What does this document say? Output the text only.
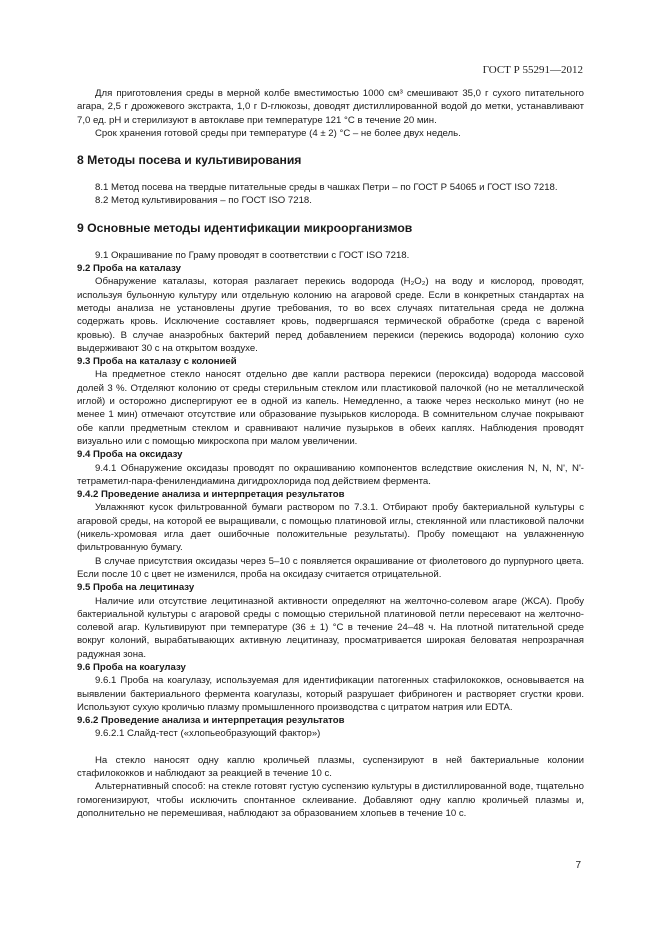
ГОСТ Р 55291—2012

Для приготовления среды в мерной колбе вместимостью 1000 см³ смешивают 35,0 г сухого питательного агара, 2,5 г дрожжевого экстракта, 1,0 г D-глюкозы, доводят дистиллированной водой до метки, устанавливают 7,0 ед. pH и стерилизуют в автоклаве при температуре 121 °С в течение 20 мин.

Срок хранения готовой среды при температуре (4 ± 2) °С – не более двух недель.

8 Методы посева и культивирования

8.1 Метод посева на твердые питательные среды в чашках Петри – по ГОСТ Р 54065 и ГОСТ ISO 7218.

8.2 Метод культивирования – по ГОСТ ISO 7218.

9 Основные методы идентификации микроорганизмов

9.1 Окрашивание по Граму проводят в соответствии с ГОСТ ISO 7218.

9.2 Проба на каталазу

Обнаружение каталазы, которая разлагает перекись водорода (H₂O₂) на воду и кислород, проводят, используя бульонную культуру или отдельную колонию на агаровой среде. Если в конкретных стандартах на методы анализа не установлены другие требования, то во всех случаях питательная среда не должна содержать кровь. Исключение составляет кровь, подвергшаяся термической обработке (среда с вареной кровью). В случае анаэробных бактерий перед добавлением перекиси (перекись водорода) колонию сухо выдерживают 30 с на открытом воздухе.

9.3 Проба на каталазу с колонией

На предметное стекло наносят отдельно две капли раствора перекиси (пероксида) водорода массовой долей 3 %. Отделяют колонию от среды стерильным стеклом или пластиковой палочкой (но не металлической иглой) и осторожно диспергируют ее в одной из капель. Немедленно, а также через несколько минут (но не менее 1 мин) отмечают отсутствие или образование пузырьков кислорода. В сомнительном случае покрывают обе капли предметным стеклом и сравнивают наличие пузырьков в обеих каплях. Наблюдения проводят визуально или с помощью микроскопа при малом увеличении.

9.4 Проба на оксидазу

9.4.1 Обнаружение оксидазы проводят по окрашиванию компонентов вследствие окисления N, N, N', N'-тетраметил-пара-фенилендиамина дигидрохлорида под действием фермента.

9.4.2 Проведение анализа и интерпретация результатов

Увлажняют кусок фильтрованной бумаги раствором по 7.3.1. Отбирают пробу бактериальной культуры с агаровой среды, на которой ее выращивали, с помощью платиновой иглы, стеклянной или пластиковой палочки (никель-хромовая игла дает ошибочные положительные результаты). Пробу помещают на увлажненную фильтрованную бумагу.

В случае присутствия оксидазы через 5–10 с появляется окрашивание от фиолетового до пурпурного цвета. Если после 10 с цвет не изменился, проба на оксидазу считается отрицательной.

9.5 Проба на лецитиназу

Наличие или отсутствие лецитиназной активности определяют на желточно-солевом агаре (ЖСА). Пробу бактериальной культуры с агаровой среды с помощью стерильной платиновой петли пересевают на желточно-солевой агар. Культивируют при температуре (36 ± 1) °С в течение 24–48 ч. На плотной питательной среде вокруг колоний, вырабатывающих активную лецитиназу, просматривается широкая беловатая непрозрачная радужная зона.

9.6 Проба на коагулазу

9.6.1 Проба на коагулазу, используемая для идентификации патогенных стафилококков, основывается на выявлении бактериального фермента коагулазы, который разрушает фибриноген и растворяет сгустки крови. Используют сухую кроличью плазму промышленного производства с цитратом натрия или EDTA.

9.6.2 Проведение анализа и интерпретация результатов

9.6.2.1 Слайд-тест («хлопьеобразующий фактор»)

На стекло наносят одну каплю кроличьей плазмы, суспензируют в ней бактериальные колонии стафилококков и наблюдают за реакцией в течение 10 с.

Альтернативный способ: на стекле готовят густую суспензию культуры в дистиллированной воде, тщательно гомогенизируют, чтобы исключить спонтанное склеивание. Добавляют одну каплю кроличьей плазмы и, дополнительно не перемешивая, наблюдают за образованием хлопьев в течение 10 с.

7
